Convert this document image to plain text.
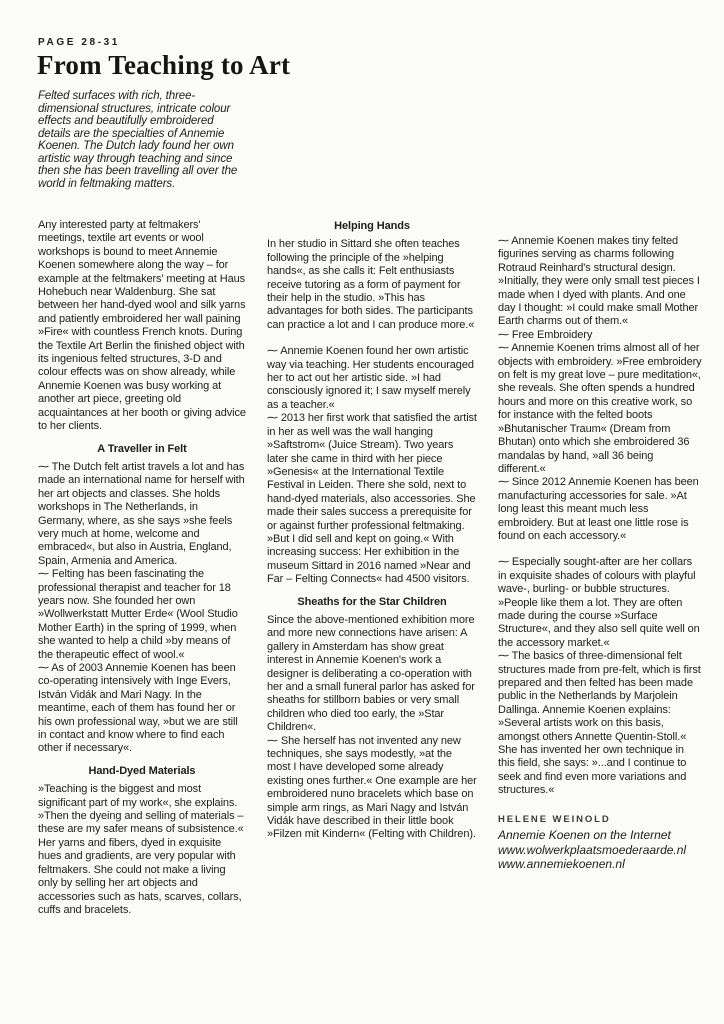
PAGE 28-31
From Teaching to Art

Felted surfaces with rich, three-dimensional structures, intricate colour effects and beautifully embroidered details are the specialties of Annemie Koenen. The Dutch lady found her own artistic way through teaching and since then she has been travelling all over the world in feltmaking matters.

Any interested party at feltmakers' meetings, textile art events or wool workshops is bound to meet Annemie Koenen somewhere along the way – for example at the feltmakers' meeting at Haus Hohebuch near Waldenburg. She sat between her hand-dyed wool and silk yarns and patiently embroidered her wall paining »Fire« with countless French knots. During the Textile Art Berlin the finished object with its ingenious felted structures, 3-D and colour effects was on show already, while Annemie Koenen was busy working at another art piece, greeting old acquaintances at her booth or giving advice to her clients.

A Traveller in Felt

⁓ The Dutch felt artist travels a lot and has made an international name for herself with her art objects and classes. She holds workshops in The Netherlands, in Germany, where, as she says »she feels very much at home, welcome and embraced«, but also in Austria, England, Spain, Armenia and America.

⁓ Felting has been fascinating the professional therapist and teacher for 18 years now. She founded her own »Wollwerkstatt Mutter Erde« (Wool Studio Mother Earth) in the spring of 1999, when she wanted to help a child »by means of the therapeutic effect of wool.«

⁓ As of 2003 Annemie Koenen has been co-operating intensively with Inge Evers, István Vidák and Mari Nagy. In the meantime, each of them has found her or his own professional way, »but we are still in contact and know where to find each other if necessary«.

Hand-Dyed Materials

»Teaching is the biggest and most significant part of my work«, she explains. »Then the dyeing and selling of materials – these are my safer means of subsistence.« Her yarns and fibers, dyed in exquisite hues and gradients, are very popular with feltmakers. She could not make a living only by selling her art objects and accessories such as hats, scarves, collars, cuffs and bracelets.

Helping Hands

In her studio in Sittard she often teaches following the principle of the »helping hands«, as she calls it: Felt enthusiasts receive tutoring as a form of payment for their help in the studio. »This has advantages for both sides. The participants can practice a lot and I can produce more.«

⁓ Annemie Koenen found her own artistic way via teaching. Her students encouraged her to act out her artistic side. »I had consciously ignored it; I saw myself merely as a teacher.«

⁓ 2013 her first work that satisfied the artist in her as well was the wall hanging »Saftstrom« (Juice Stream). Two years later she came in third with her piece »Genesis« at the International Textile Festival in Leiden. There she sold, next to hand-dyed materials, also accessories. She made their sales success a prerequisite for or against further professional feltmaking. »But I did sell and kept on going.« With increasing success: Her exhibition in the museum Sittard in 2016 named »Near and Far – Felting Connects« had 4500 visitors.

Sheaths for the Star Children

Since the above-mentioned exhibition more and more new connections have arisen: A gallery in Amsterdam has show great interest in Annemie Koenen's work a designer is deliberating a co-operation with her and a small funeral parlor has asked for sheaths for stillborn babies or very small children who died too early, the »Star Children«.

⁓ She herself has not invented any new techniques, she says modestly, »at the most I have developed some already existing ones further.« One example are her embroidered nuno bracelets which base on simple arm rings, as Mari Nagy and István Vidák have described in their little book »Filzen mit Kindern« (Felting with Children).

⁓ Annemie Koenen makes tiny felted figurines serving as charms following Rotraud Reinhard's structural design. »Initially, they were only small test pieces I made when I dyed with plants. And one day I thought: »I could make small Mother Earth charms out of them.«

⁓ Free Embroidery

⁓ Annemie Koenen trims almost all of her objects with embroidery. »Free embroidery on felt is my great love – pure meditation«, she reveals. She often spends a hundred hours and more on this creative work, so for instance with the felted boots »Bhutanischer Traum« (Dream from Bhutan) onto which she embroidered 36 mandalas by hand, »all 36 being different.«

⁓ Since 2012 Annemie Koenen has been manufacturing accessories for sale. »At long least this meant much less embroidery. But at least one little rose is found on each accessory.«

⁓ Especially sought-after are her collars in exquisite shades of colours with playful wave-, burling- or bubble structures. »People like them a lot. They are often made during the course »Surface Structure«, and they also sell quite well on the accessory market.«

⁓ The basics of three-dimensional felt structures made from pre-felt, which is first prepared and then felted has been made public in the Netherlands by Marjolein Dallinga. Annemie Koenen explains: »Several artists work on this basis, amongst others Annette Quentin-Stoll.« She has invented her own technique in this field, she says: »...and I continue to seek and find even more variations and structures.«

HELENE WEINOLD
Annemie Koenen on the Internet
www.wolwerkplaatsmoederaarde.nl
www.annemiekoenen.nl
